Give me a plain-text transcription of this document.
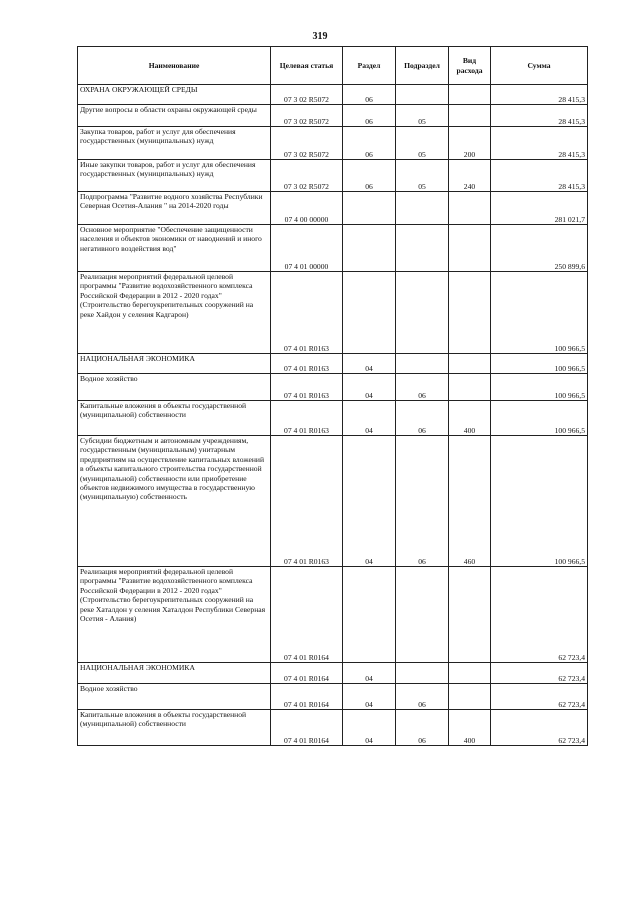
319
Наименование	Целевая статья	Раздел	Подраздел	Вид расхода	Сумма
ОХРАНА ОКРУЖАЮЩЕЙ СРЕДЫ	07 3 02 R5072	06			28 415,3
Другие вопросы в области охраны окружающей среды	07 3 02 R5072	06	05		28 415,3
Закупка товаров, работ и услуг для обеспечения государственных (муниципальных) нужд	07 3 02 R5072	06	05	200	28 415,3
Иные закупки товаров, работ и услуг для обеспечения государственных (муниципальных) нужд	07 3 02 R5072	06	05	240	28 415,3
Подпрограмма "Развитие водного хозяйства Республики Северная Осетия-Алания " на 2014-2020 годы	07 4 00 00000				281 021,7
Основное мероприятие "Обеспечение защищенности населения и объектов экономики от наводнений и иного негативного воздействия вод"	07 4 01 00000				250 899,6
Реализация мероприятий федеральной целевой программы "Развитие водохозяйственного комплекса Российской Федерации в 2012 - 2020 годах" (Строительство берегоукрепительных сооружений на реке Хайдон у селения Кадгарон)	07 4 01 R0163				100 966,5
НАЦИОНАЛЬНАЯ ЭКОНОМИКА	07 4 01 R0163	04			100 966,5
Водное хозяйство	07 4 01 R0163	04	06		100 966,5
Капитальные вложения в объекты государственной (муниципальной) собственности	07 4 01 R0163	04	06	400	100 966,5
Субсидии бюджетным и автономным учреждениям, государственным (муниципальным) унитарным предприятиям на осуществление капитальных вложений в объекты капитального строительства государственной (муниципальной) собственности или приобретение объектов недвижимого имущества в государственную (муниципальную) собственность	07 4 01 R0163	04	06	460	100 966,5
Реализация мероприятий федеральной целевой программы "Развитие водохозяйственного комплекса Российской Федерации в 2012 - 2020 годах" (Строительство берегоукрепительных сооружений на реке Хаталдон у селения Хаталдон Республики Северная Осетия - Алания)	07 4 01 R0164				62 723,4
НАЦИОНАЛЬНАЯ ЭКОНОМИКА	07 4 01 R0164	04			62 723,4
Водное хозяйство	07 4 01 R0164	04	06		62 723,4
Капитальные вложения в объекты государственной (муниципальной) собственности	07 4 01 R0164	04	06	400	62 723,4
